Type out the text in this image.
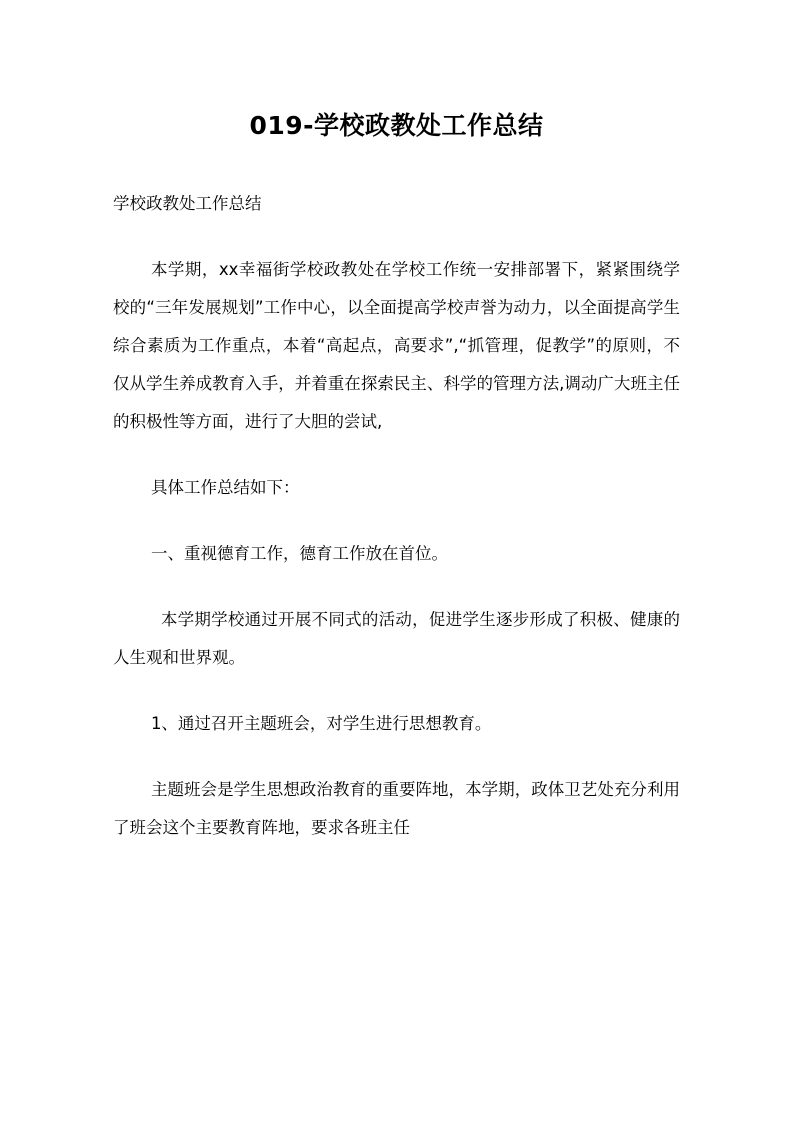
019-学校政教处工作总结

学校政教处工作总结

本学期，xx幸福街学校政教处在学校工作统一安排部署下，紧紧围绕学校的“三年发展规划”工作中心，以全面提高学校声誉为动力，以全面提高学生综合素质为工作重点，本着“高起点，高要求”,“抓管理，促教学”的原则，不仅从学生养成教育入手，并着重在探索民主、科学的管理方法,调动广大班主任的积极性等方面，进行了大胆的尝试,

具体工作总结如下：

一、重视德育工作，德育工作放在首位。

本学期学校通过开展不同式的活动，促进学生逐步形成了积极、健康的人生观和世界观。

1、通过召开主题班会，对学生进行思想教育。

主题班会是学生思想政治教育的重要阵地，本学期，政体卫艺处充分利用了班会这个主要教育阵地，要求各班主任
